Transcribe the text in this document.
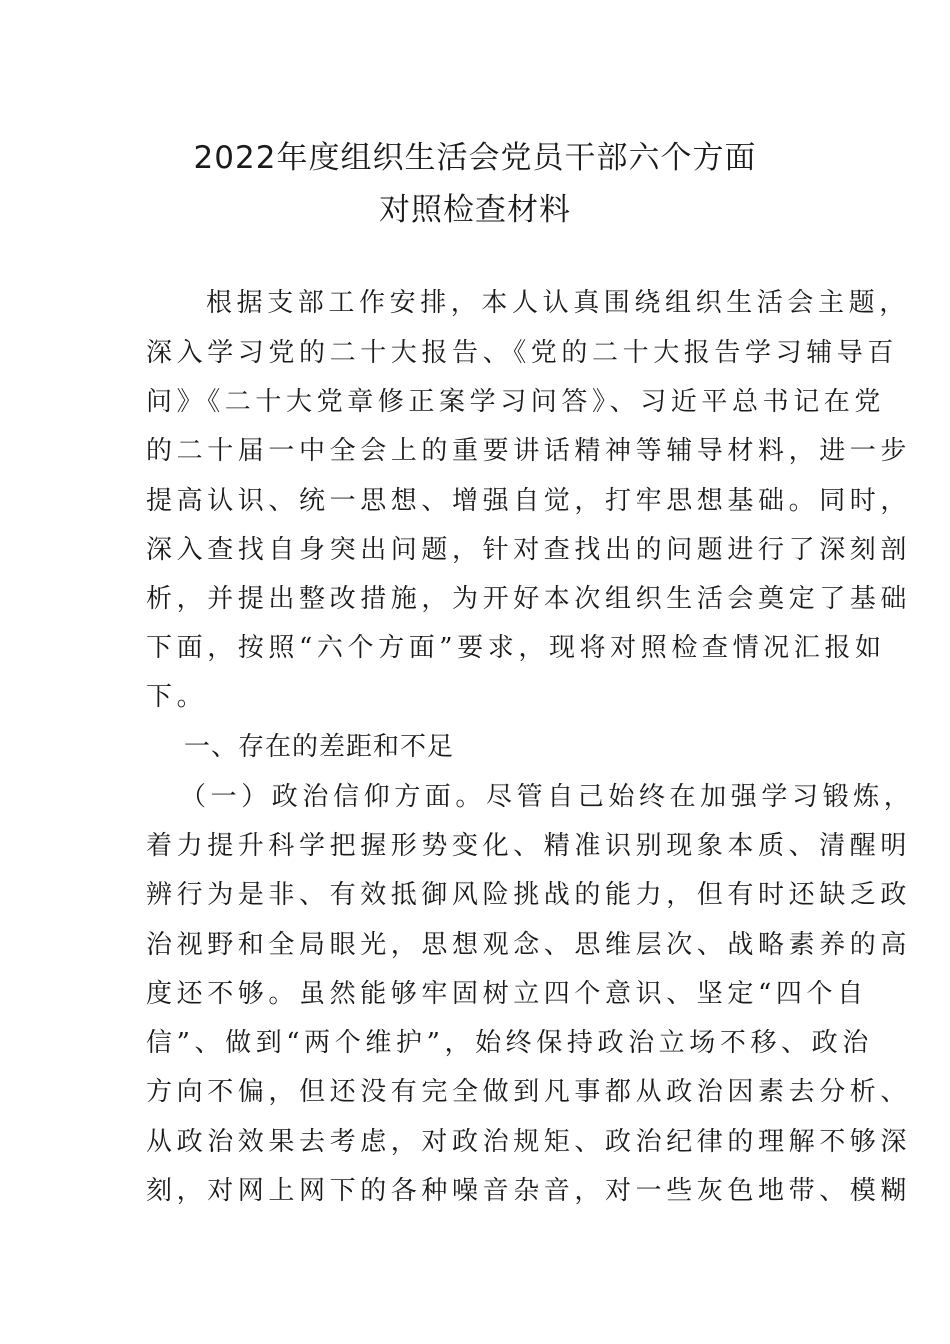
2022年度组织生活会党员干部六个方面
对照检查材料
根据支部工作安排，本人认真围绕组织生活会主题，
深入学习党的二十大报告、《党的二十大报告学习辅导百
问》《二十大党章修正案学习问答》、习近平总书记在党
的二十届一中全会上的重要讲话精神等辅导材料，进一步
提高认识、统一思想、增强自觉，打牢思想基础。同时，
深入查找自身突出问题，针对查找出的问题进行了深刻剖
析，并提出整改措施，为开好本次组织生活会奠定了基础
下面，按照“六个方面”要求，现将对照检查情况汇报如
下。
一、存在的差距和不足
（一）政治信仰方面。尽管自己始终在加强学习锻炼，
着力提升科学把握形势变化、精准识别现象本质、清醒明
辨行为是非、有效抵御风险挑战的能力，但有时还缺乏政
治视野和全局眼光，思想观念、思维层次、战略素养的高
度还不够。虽然能够牢固树立四个意识、坚定“四个自
信”、做到“两个维护”，始终保持政治立场不移、政治
方向不偏，但还没有完全做到凡事都从政治因素去分析、
从政治效果去考虑，对政治规矩、政治纪律的理解不够深
刻，对网上网下的各种噪音杂音，对一些灰色地带、模糊
